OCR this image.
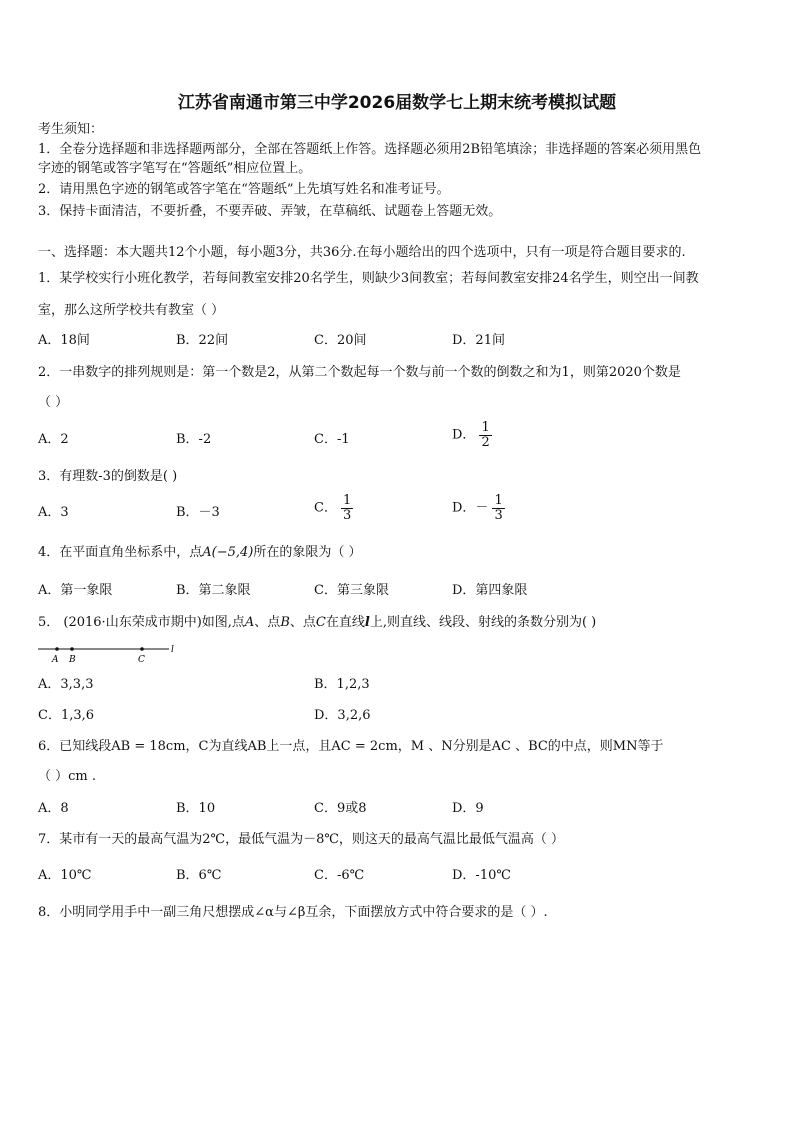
江苏省南通市第三中学2026届数学七上期末统考模拟试题
考生须知：
1．全卷分选择题和非选择题两部分，全部在答题纸上作答。选择题必须用2B铅笔填涂；非选择题的答案必须用黑色
字迹的钢笔或答字笔写在“答题纸”相应位置上。
2．请用黑色字迹的钢笔或答字笔在“答题纸”上先填写姓名和准考证号。
3．保持卡面清洁，不要折叠，不要弄破、弄皱，在草稿纸、试题卷上答题无效。
一、选择题：本大题共12个小题，每小题3分，共36分.在每小题给出的四个选项中，只有一项是符合题目要求的.
1．某学校实行小班化教学，若每间教室安排20名学生，则缺少3间教室；若每间教室安排24名学生，则空出一间教
室，那么这所学校共有教室（ ）
A．18间	B．22间	C．20间	D．21间
2．一串数字的排列规则是：第一个数是2，从第二个数起每一个数与前一个数的倒数之和为1，则第2020个数是
（ ）
A．2	B．-2	C．-1	D． $\frac{1}{2}$
3．有理数-3的倒数是( )
A．3	B．－3	C． $\frac{1}{3}$	D．－ $\frac{1}{3}$
4．在平面直角坐标系中，点A(−5,4)所在的象限为（ ）
A．第一象限	B．第二象限	C．第三象限	D．第四象限
5． (2016·山东荣成市期中)如图,点A、点B、点C在直线l上,则直线、线段、射线的条数分别为( )
A B	C
l
A．3,3,3	B．1,2,3
C．1,3,6	D．3,2,6
6．已知线段AB = 18cm，C为直线AB上一点，且AC = 2cm，M 、N分别是AC 、BC的中点，则MN等于
（ ）cm .
A．8	B．10	C．9或8	D．9
7．某市有一天的最高气温为2℃，最低气温为－8℃，则这天的最高气温比最低气温高（ ）
A．10℃	B．6℃	C．-6℃	D．-10℃
8．小明同学用手中一副三角尺想摆成∠α与∠β互余，下面摆放方式中符合要求的是（ ）.
